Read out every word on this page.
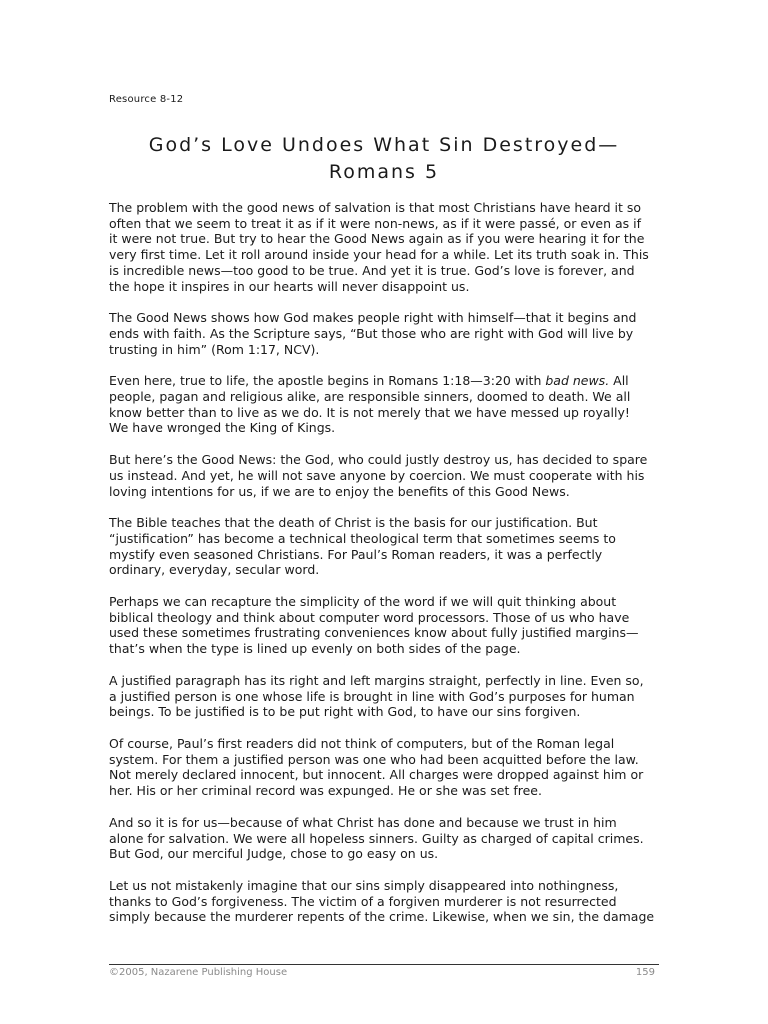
Resource 8-12
God’s Love Undoes What Sin Destroyed—
Romans 5

The problem with the good news of salvation is that most Christians have heard it so
often that we seem to treat it as if it were non-news, as if it were passé, or even as if
it were not true. But try to hear the Good News again as if you were hearing it for the
very first time. Let it roll around inside your head for a while. Let its truth soak in. This
is incredible news—too good to be true. And yet it is true. God’s love is forever, and
the hope it inspires in our hearts will never disappoint us.

The Good News shows how God makes people right with himself—that it begins and
ends with faith. As the Scripture says, “But those who are right with God will live by
trusting in him” (Rom 1:17, NCV).

Even here, true to life, the apostle begins in Romans 1:18—3:20 with bad news. All
people, pagan and religious alike, are responsible sinners, doomed to death. We all
know better than to live as we do. It is not merely that we have messed up royally!
We have wronged the King of Kings.

But here’s the Good News: the God, who could justly destroy us, has decided to spare
us instead. And yet, he will not save anyone by coercion. We must cooperate with his
loving intentions for us, if we are to enjoy the benefits of this Good News.

The Bible teaches that the death of Christ is the basis for our justification. But
“justification” has become a technical theological term that sometimes seems to
mystify even seasoned Christians. For Paul’s Roman readers, it was a perfectly
ordinary, everyday, secular word.

Perhaps we can recapture the simplicity of the word if we will quit thinking about
biblical theology and think about computer word processors. Those of us who have
used these sometimes frustrating conveniences know about fully justified margins—
that’s when the type is lined up evenly on both sides of the page.

A justified paragraph has its right and left margins straight, perfectly in line. Even so,
a justified person is one whose life is brought in line with God’s purposes for human
beings. To be justified is to be put right with God, to have our sins forgiven.

Of course, Paul’s first readers did not think of computers, but of the Roman legal
system. For them a justified person was one who had been acquitted before the law.
Not merely declared innocent, but innocent. All charges were dropped against him or
her. His or her criminal record was expunged. He or she was set free.

And so it is for us—because of what Christ has done and because we trust in him
alone for salvation. We were all hopeless sinners. Guilty as charged of capital crimes.
But God, our merciful Judge, chose to go easy on us.

Let us not mistakenly imagine that our sins simply disappeared into nothingness,
thanks to God’s forgiveness. The victim of a forgiven murderer is not resurrected
simply because the murderer repents of the crime. Likewise, when we sin, the damage

©2005, Nazarene Publishing House	159
